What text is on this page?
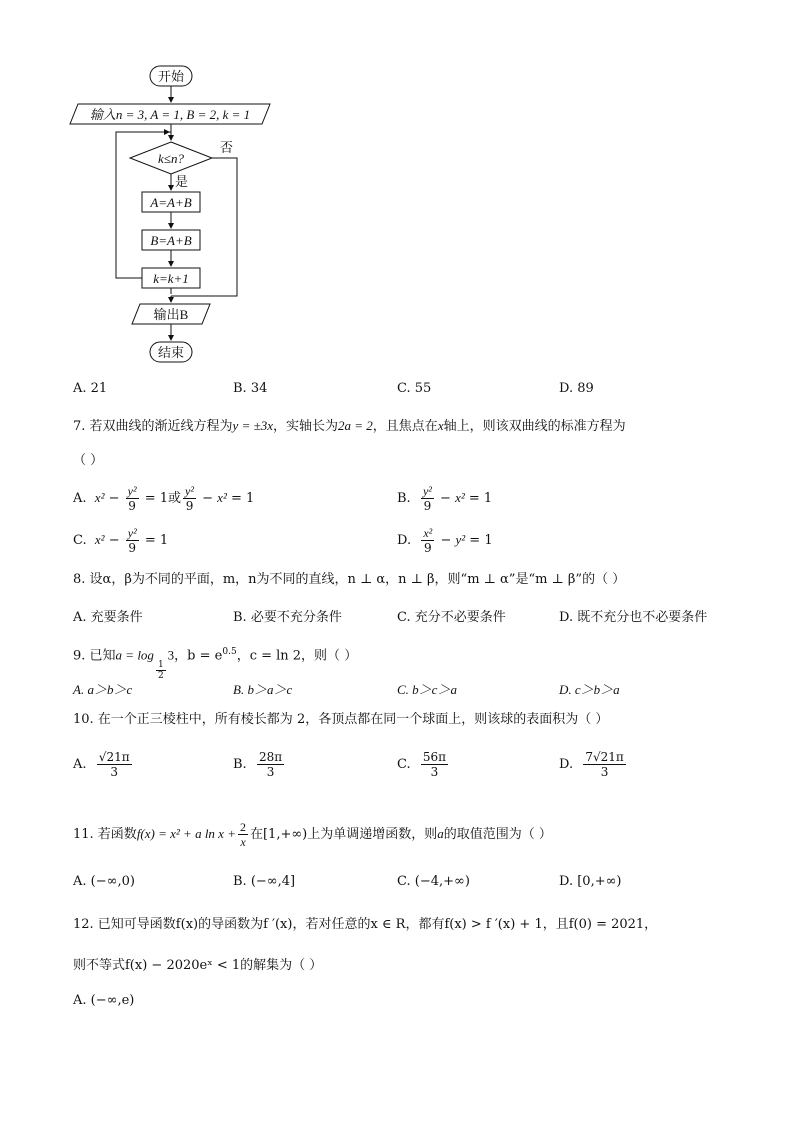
开始
输入n = 3, A = 1, B = 2, k = 1
k≤n?
否
是
A=A+B
B=A+B
k=k+1
输出B
结束
A. 21	B. 34	C. 55	D. 89
7. 若双曲线的渐近线方程为y = ±3x，实轴长为2a = 2，且焦点在x轴上，则该双曲线的标准方程为
（ ）
A. $x^2 - \frac{\text{y²}}{9} = 1$或 $\frac{\text{y²}}{9} - x^2 = 1$	B. $\frac{\text{y²}}{9} - x^2 = 1$
C. $x^2 - \frac{\text{y²}}{9} = 1$	D. $\frac{\text{x²}}{9} - y^2 = 1$
8. 设α，β为不同的平面，m，n为不同的直线，n ⊥ α，n ⊥ β，则“m ⊥ α”是“m ⊥ β”的（ ）
A. 充要条件	B. 必要不充分条件	C. 充分不必要条件	D. 既不充分也不必要条件
9. 已知a = log
$\frac{1}{2}$
3，$b = e^{0.5}$，c = ln 2，则（ ）
A. a＞b＞c	B. b＞a＞c	C. b＞c＞a	D. c＞b＞a
10. 在一个正三棱柱中，所有棱长都为 2，各顶点都在同一个球面上，则该球的表面积为（ ）
A. $\frac{√21\pi}{3}$	B. $\frac{28\pi}{3}$	C. $\frac{56\pi}{3}$	D. $\frac{7√21\pi}{3}$
11. 若函数f(x) = x² + a $\ln x + \frac{2}{x}$ 在[1,+∞)上为单调递增函数，则a的取值范围为（ ）
A. (−∞,0)	B. (−∞,4]	C. (−4,+∞)	D. [0,+∞)
12. 已知可导函数f(x)的导函数为f ′(x)，若对任意的x ∈ R，都有f(x) > f ′(x) + 1，且f(0) = 2021，
则不等式f(x) − 2020eˣ < 1的解集为（ ）
A. (−∞,e)
